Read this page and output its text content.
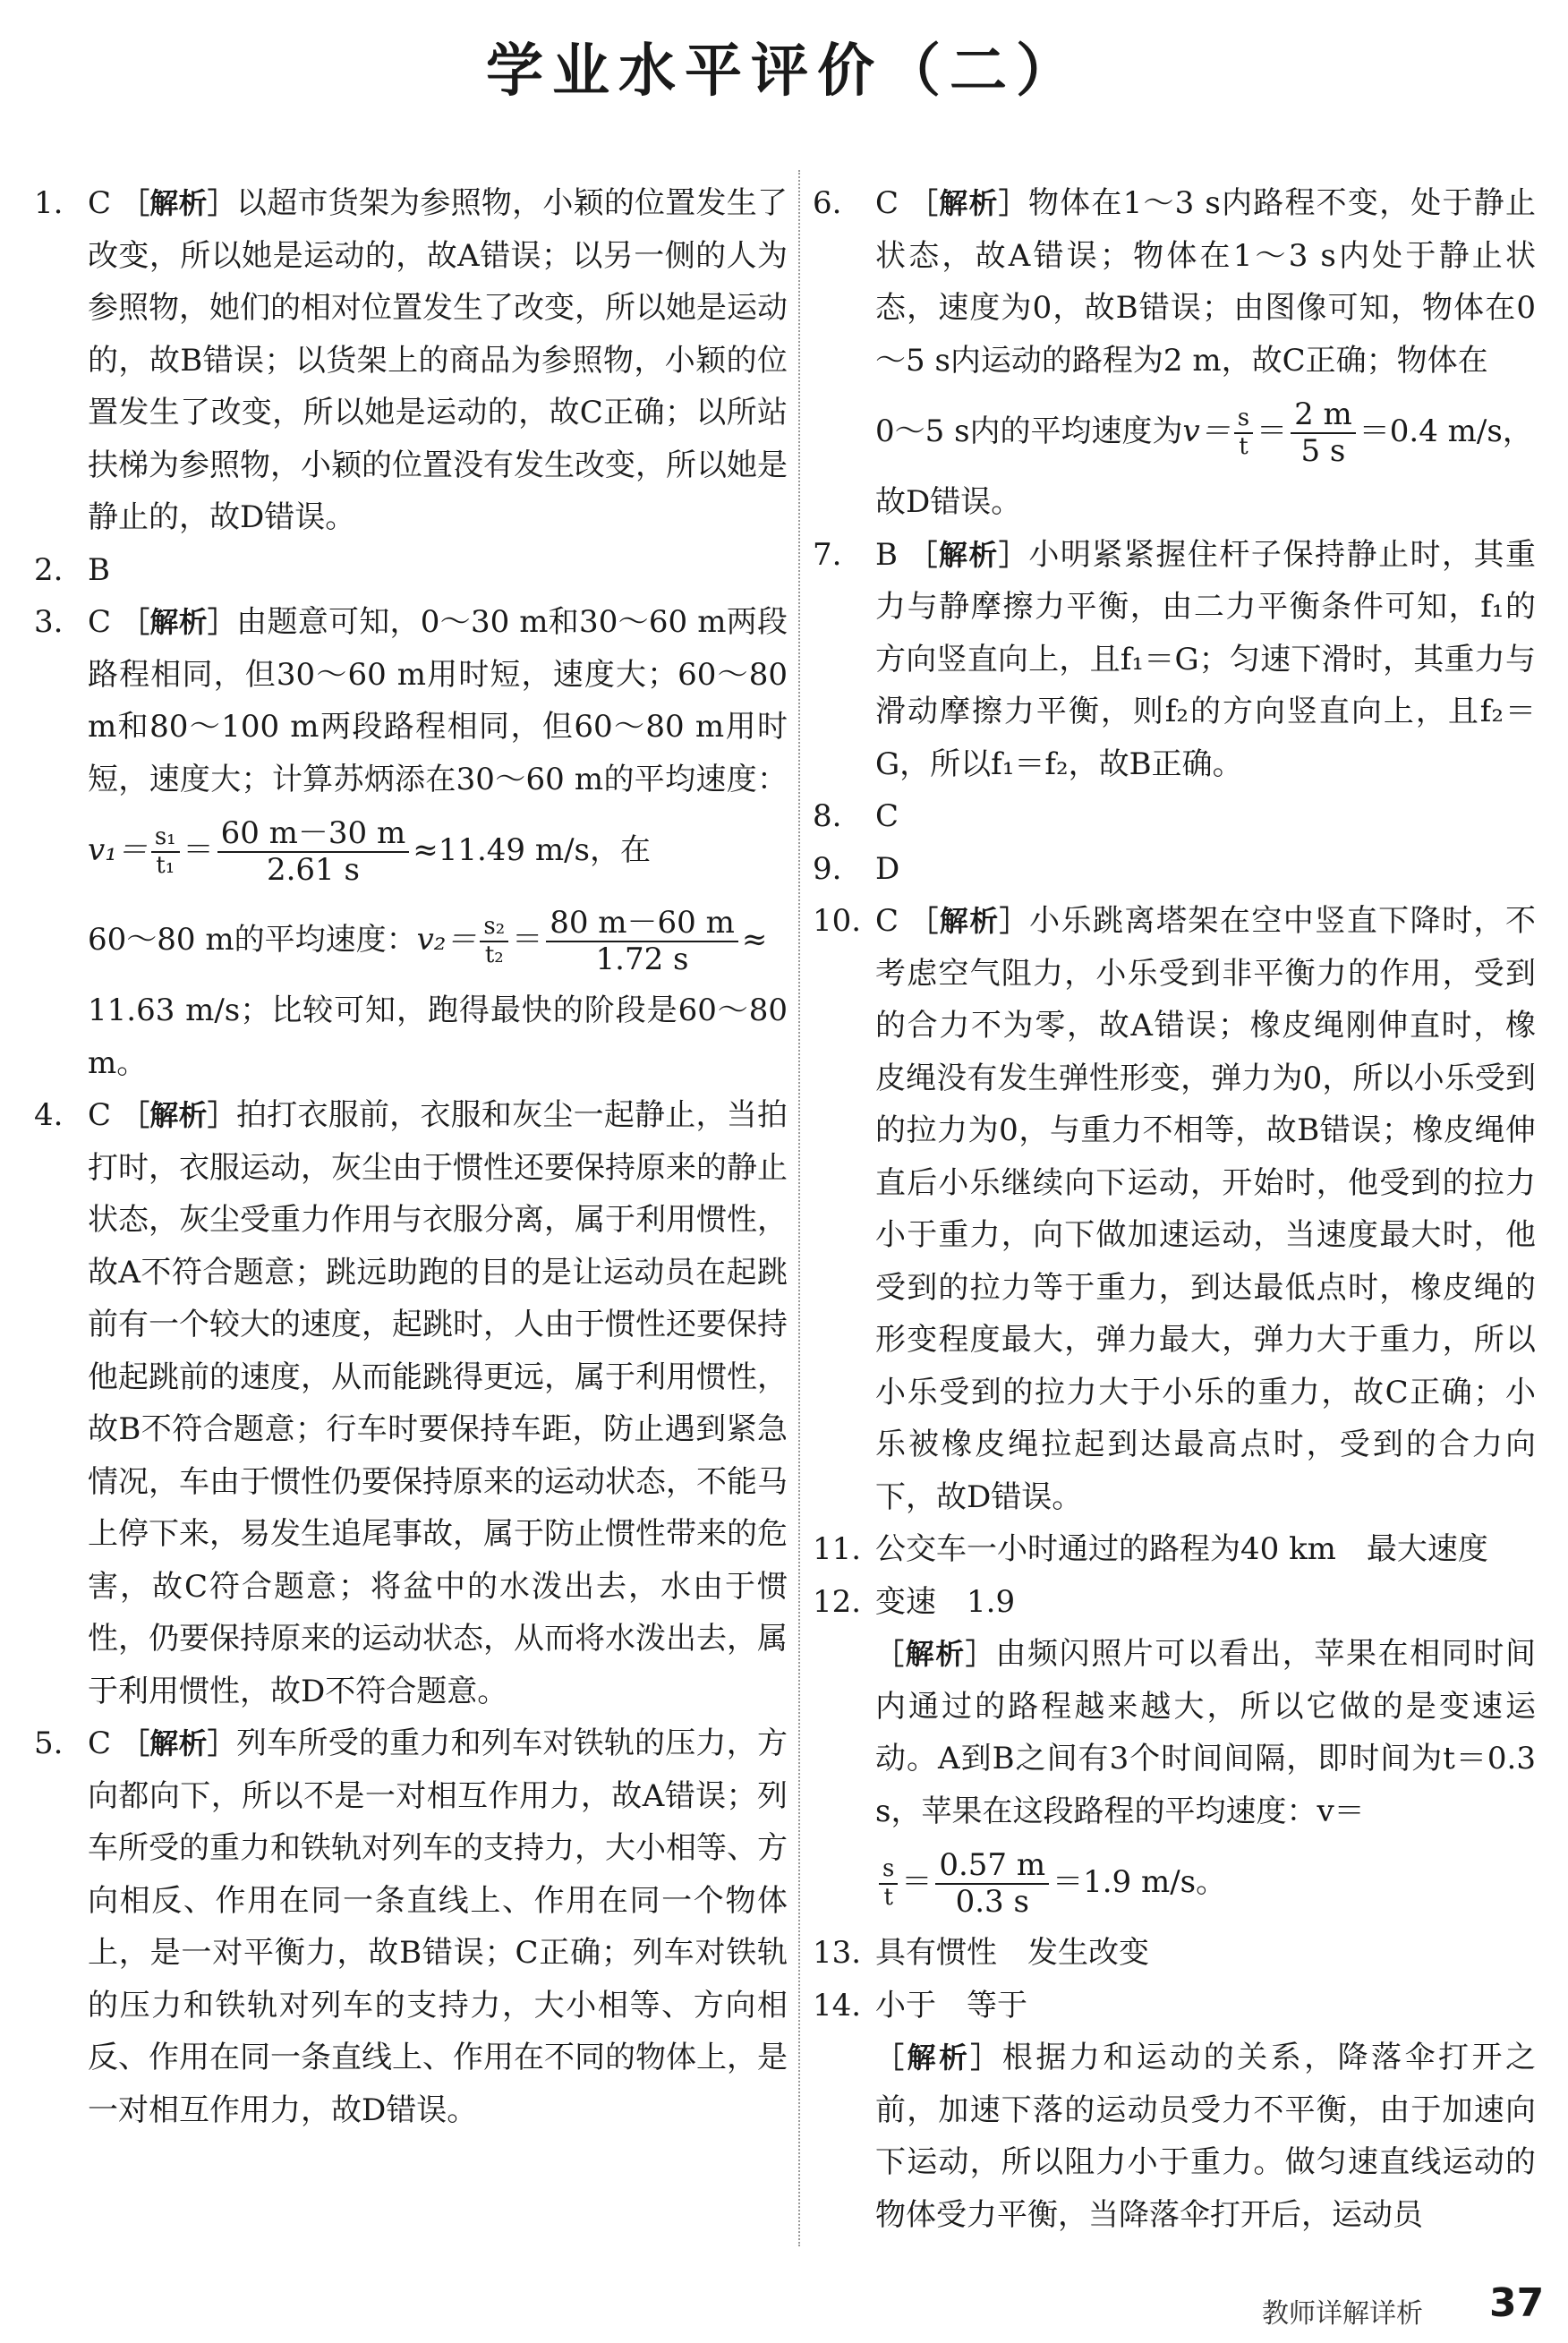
学业水平评价（二）
1. C ［解析］以超市货架为参照物，小颖的位置发生了改变，所以她是运动的，故A错误；以另一侧的人为参照物，她们的相对位置发生了改变，所以她是运动的，故B错误；以货架上的商品为参照物，小颖的位置发生了改变，所以她是运动的，故C正确；以所站扶梯为参照物，小颖的位置没有发生改变，所以她是静止的，故D错误。
2. B
3. C ［解析］由题意可知，0～30 m和30～60 m两段路程相同，但30～60 m用时短，速度大；60～80 m和80～100 m两段路程相同，但60～80 m用时短，速度大；计算苏炳添在30～60 m的平均速度：$v_1= \frac{\text{s₁}}{\text{t₁}} = \frac{60 m-30 m}{2.61 s} \approx 11.49$ m/s，在
60～80 m的平均速度：$v_2= \frac{\text{s₂}}{\text{t₂}} = \frac{80 m-60 m}{1.72 s}$ ≈
11.63 m/s；比较可知，跑得最快的阶段是60～80 m。
4. C ［解析］拍打衣服前，衣服和灰尘一起静止，当拍打时，衣服运动，灰尘由于惯性还要保持原来的静止状态，灰尘受重力作用与衣服分离，属于利用惯性，故A不符合题意；跳远助跑的目的是让运动员在起跳前有一个较大的速度，起跳时，人由于惯性还要保持他起跳前的速度，从而能跳得更远，属于利用惯性，故B不符合题意；行车时要保持车距，防止遇到紧急情况，车由于惯性仍要保持原来的运动状态，不能马上停下来，易发生追尾事故，属于防止惯性带来的危害，故C符合题意；将盆中的水泼出去，水由于惯性，仍要保持原来的运动状态，从而将水泼出去，属于利用惯性，故D不符合题意。
5. C ［解析］列车所受的重力和列车对铁轨的压力，方向都向下，所以不是一对相互作用力，故A错误；列车所受的重力和铁轨对列车的支持力，大小相等、方向相反、作用在同一条直线上、作用在同一个物体上，是一对平衡力，故B错误；C正确；列车对铁轨的压力和铁轨对列车的支持力，大小相等、方向相反、作用在同一条直线上、作用在不同的物体上，是一对相互作用力，故D错误。
6.	C ［解析］物体在1～3 s内路程不变，处于静止状态，故A错误；物体在1～3 s内处于静止状态，速度为0，故B错误；由图像可知，物体在0～5 s内运动的路程为2 m，故C正确；物体在
0～5 s内的平均速度为$v= \frac{s}{t} = \frac{2 m}{5 s} =0.4$ m/s，
故D错误。
7.	B ［解析］小明紧紧握住杆子保持静止时，其重力与静摩擦力平衡，由二力平衡条件可知，f₁的方向竖直向上，且f₁＝G；匀速下滑时，其重力与滑动摩擦力平衡，则f₂的方向竖直向上，且f₂＝G，所以f₁＝f₂，故B正确。
8.	C
9.	D
10. C ［解析］小乐跳离塔架在空中竖直下降时，不考虑空气阻力，小乐受到非平衡力的作用，受到的合力不为零，故A错误；橡皮绳刚伸直时，橡皮绳没有发生弹性形变，弹力为0，所以小乐受到的拉力为0，与重力不相等，故B错误；橡皮绳伸直后小乐继续向下运动，开始时，他受到的拉力小于重力，向下做加速运动，当速度最大时，他受到的拉力等于重力，到达最低点时，橡皮绳的形变程度最大，弹力最大，弹力大于重力，所以小乐受到的拉力大于小乐的重力，故C正确；小乐被橡皮绳拉起到达最高点时，受到的合力向下，故D错误。
11. 公交车一小时通过的路程为40 km　最大速度
12. 变速　1.9
［解析］由频闪照片可以看出，苹果在相同时间内通过的路程越来越大，所以它做的是变速运动。A到B之间有3个时间间隔，即时间为t＝0.3 s，苹果在这段路程的平均速度：v＝

$\frac{s}{t} = \frac{0.57 m}{0.3 s} =1.9$ m/s。
13. 具有惯性　发生改变
14. 小于　等于
［解析］根据力和运动的关系，降落伞打开之前，加速下落的运动员受力不平衡，由于加速向下运动，所以阻力小于重力。做匀速直线运动的物体受力平衡，当降落伞打开后，运动员
教师详解详析 37
